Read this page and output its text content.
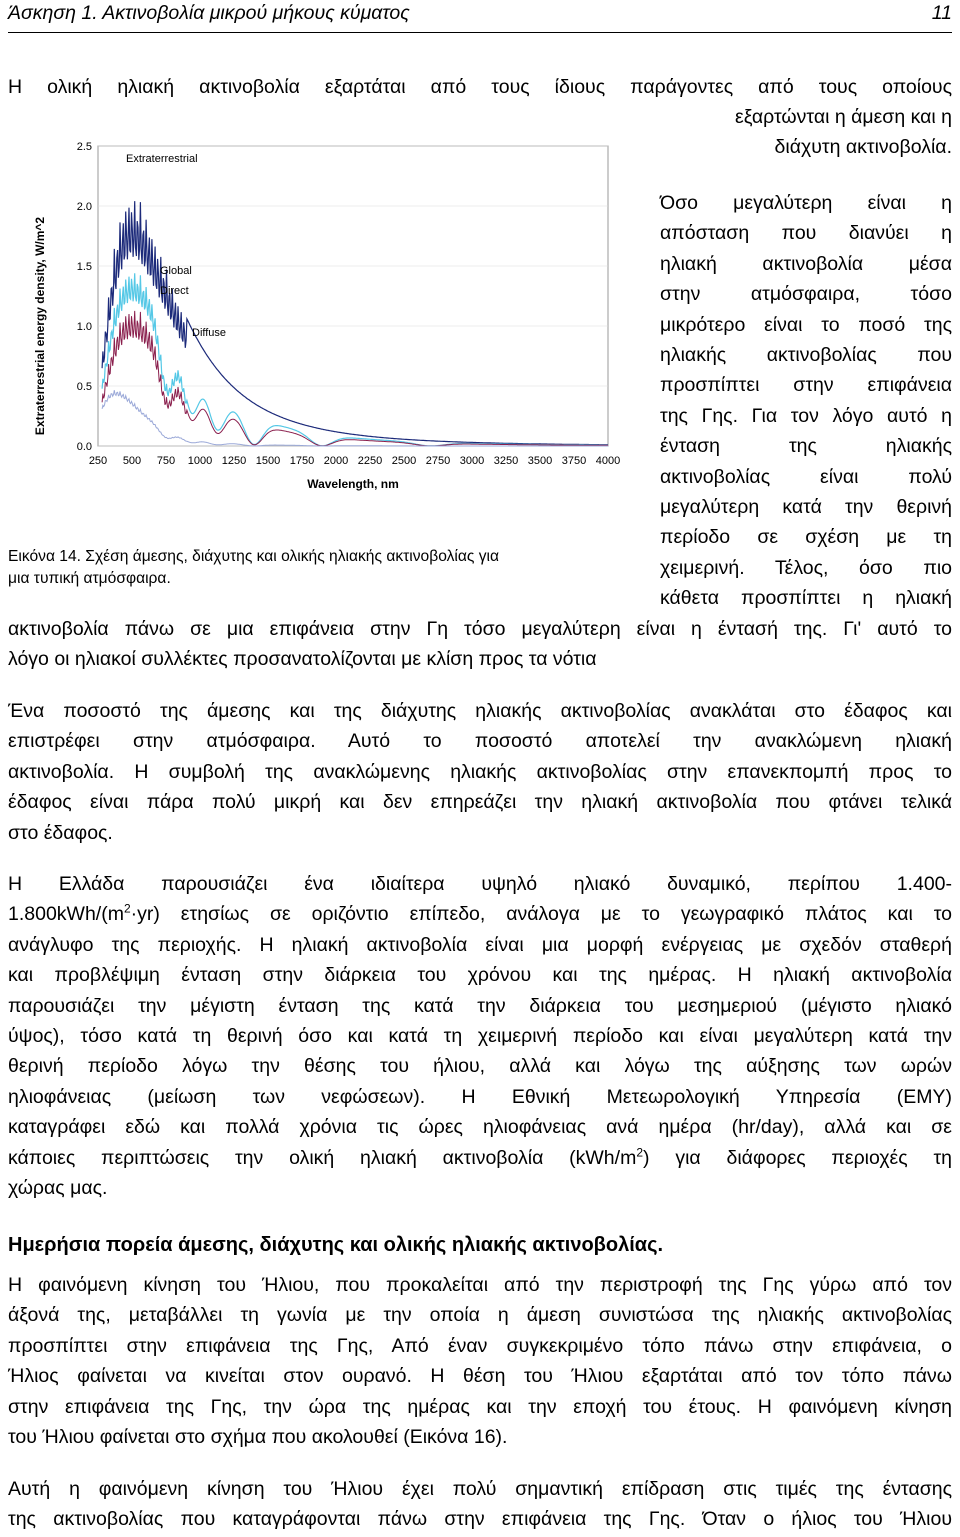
Άσκηση 1. Ακτινοβολία μικρού μήκους κύματος	11
Η ολική ηλιακή ακτινοβολία εξαρτάται από τους ίδιους παράγοντες από τους οποίους
εξαρτώνται η άμεση και η
διάχυτη ακτινοβολία.
Extraterrestrial energy density, W/m^2
2.5
2.0
1.5
1.0
0.5
0.0
250 500 750 1000 1250 1500 1750 2000 2250 2500 2750 3000 3250 3500 3750 4000
Extraterrestrial
Global
Direct
Diffuse
Wavelength, nm
Όσο μεγαλύτερη είναι η
απόσταση που διανύει η
ηλιακή ακτινοβολία μέσα
στην ατμόσφαιρα, τόσο
μικρότερο είναι το ποσό της
ηλιακής ακτινοβολίας που
προσπίπτει στην επιφάνεια
της Γης. Για τον λόγο αυτό η
ένταση της ηλιακής
ακτινοβολίας είναι πολύ
μεγαλύτερη κατά την θερινή
περίοδο σε σχέση με τη
χειμερινή. Τέλος, όσο πιο
κάθετα προσπίπτει η ηλιακή
Εικόνα 14. Σχέση άμεσης, διάχυτης και ολικής ηλιακής ακτινοβολίας για
μια τυπική ατμόσφαιρα.
ακτινοβολία πάνω σε μια επιφάνεια στην Γη τόσο μεγαλύτερη είναι η έντασή της. Γι' αυτό το
λόγο οι ηλιακοί συλλέκτες προσανατολίζονται με κλίση προς τα νότια
Ένα ποσοστό της άμεσης και της διάχυτης ηλιακής ακτινοβολίας ανακλάται στο έδαφος και
επιστρέφει στην ατμόσφαιρα. Αυτό το ποσοστό αποτελεί την ανακλώμενη ηλιακή
ακτινοβολία. Η συμβολή της ανακλώμενης ηλιακής ακτινοβολίας στην επανεκπομπή προς το
έδαφος είναι πάρα πολύ μικρή και δεν επηρεάζει την ηλιακή ακτινοβολία που φτάνει τελικά
στο έδαφος.
Η Ελλάδα παρουσιάζει ένα ιδιαίτερα υψηλό ηλιακό δυναμικό, περίπου 1.400-
$1.800kWh/(m^2\cdot yr)$ ετησίως σε οριζόντιο επίπεδο, ανάλογα με το γεωγραφικό πλάτος και το
ανάγλυφο της περιοχής. Η ηλιακή ακτινοβολία είναι μια μορφή ενέργειας με σχεδόν σταθερή
και προβλέψιμη ένταση στην διάρκεια του χρόνου και της ημέρας. Η ηλιακή ακτινοβολία
παρουσιάζει την μέγιστη ένταση της κατά την διάρκεια του μεσημεριού (μέγιστο ηλιακό
ύψος), τόσο κατά τη θερινή όσο και κατά τη χειμερινή περίοδο και είναι μεγαλύτερη κατά την
θερινή περίοδο λόγω την θέσης του ήλιου, αλλά και λόγω της αύξησης των ωρών
ηλιοφάνειας (μείωση των νεφώσεων). Η Εθνική Μετεωρολογική Υπηρεσία (ΕΜΥ)
καταγράφει εδώ και πολλά χρόνια τις ώρες ηλιοφάνειας ανά ημέρα (hr/day), αλλά και σε
κάποιες περιπτώσεις την ολική ηλιακή ακτινοβολία $(kWh/m^2)$ για διάφορες περιοχές τη
χώρας μας.
Ημερήσια πορεία άμεσης, διάχυτης και ολικής ηλιακής ακτινοβολίας.
Η φαινόμενη κίνηση του Ήλιου, που προκαλείται από την περιστροφή της Γης γύρω από τον
άξονά της, μεταβάλλει τη γωνία με την οποία η άμεση συνιστώσα της ηλιακής ακτινοβολίας
προσπίπτει στην επιφάνεια της Γης, Από έναν συγκεκριμένο τόπο πάνω στην επιφάνεια, ο
Ήλιος φαίνεται να κινείται στον ουρανό. Η θέση του Ήλιου εξαρτάται από τον τόπο πάνω
στην επιφάνεια της Γης, την ώρα της ημέρας και την εποχή του έτους. Η φαινόμενη κίνηση
του Ήλιου φαίνεται στο σχήμα που ακολουθεί (Εικόνα 16).
Αυτή η φαινόμενη κίνηση του Ήλιου έχει πολύ σημαντική επίδραση στις τιμές της έντασης
της ακτινοβολίας που καταγράφονται πάνω στην επιφάνεια της Γης. Όταν ο ήλιος του Ήλιου
